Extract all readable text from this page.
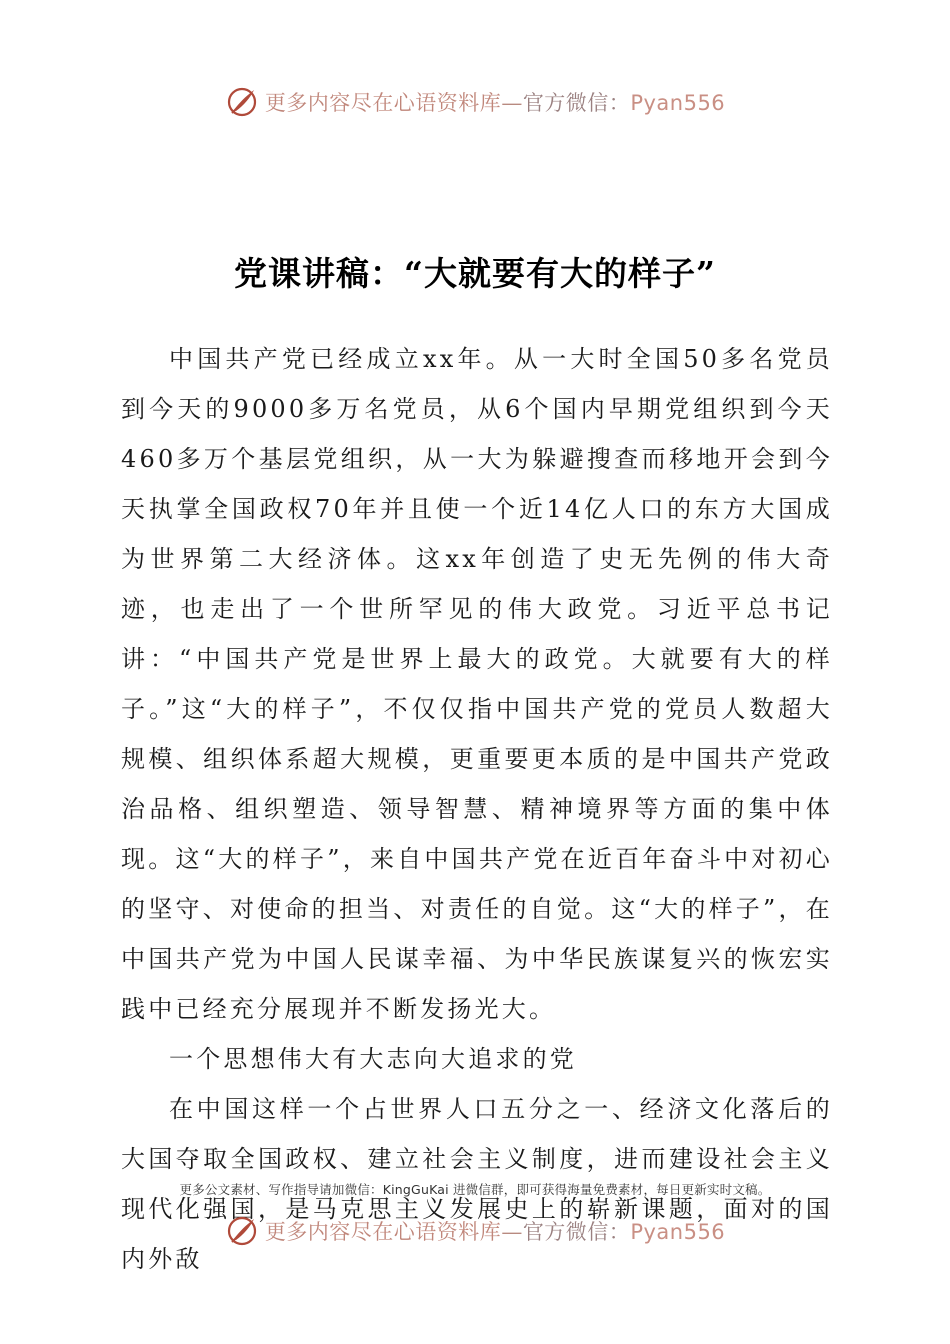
更多内容尽在心语资料库—官方微信：Pyan556
党课讲稿：“大就要有大的样子”

中国共产党已经成立xx年。从一大时全国50多名党员到今天的9000多万名党员，从6个国内早期党组织到今天460多万个基层党组织，从一大为躲避搜查而移地开会到今天执掌全国政权70年并且使一个近14亿人口的东方大国成为世界第二大经济体。这xx年创造了史无先例的伟大奇迹，也走出了一个世所罕见的伟大政党。习近平总书记讲：“中国共产党是世界上最大的政党。大就要有大的样子。”这“大的样子”，不仅仅指中国共产党的党员人数超大规模、组织体系超大规模，更重要更本质的是中国共产党政治品格、组织塑造、领导智慧、精神境界等方面的集中体现。这“大的样子”，来自中国共产党在近百年奋斗中对初心的坚守、对使命的担当、对责任的自觉。这“大的样子”，在中国共产党为中国人民谋幸福、为中华民族谋复兴的恢宏实践中已经充分展现并不断发扬光大。

一个思想伟大有大志向大追求的党

在中国这样一个占世界人口五分之一、经济文化落后的大国夺取全国政权、建立社会主义制度，进而建设社会主义现代化强国，是马克思主义发展史上的崭新课题，面对的国内外敌

更多公文素材、写作指导请加微信：KingGuKai 进微信群，即可获得海量免费素材，每日更新实时文稿。
更多内容尽在心语资料库—官方微信：Pyan556
